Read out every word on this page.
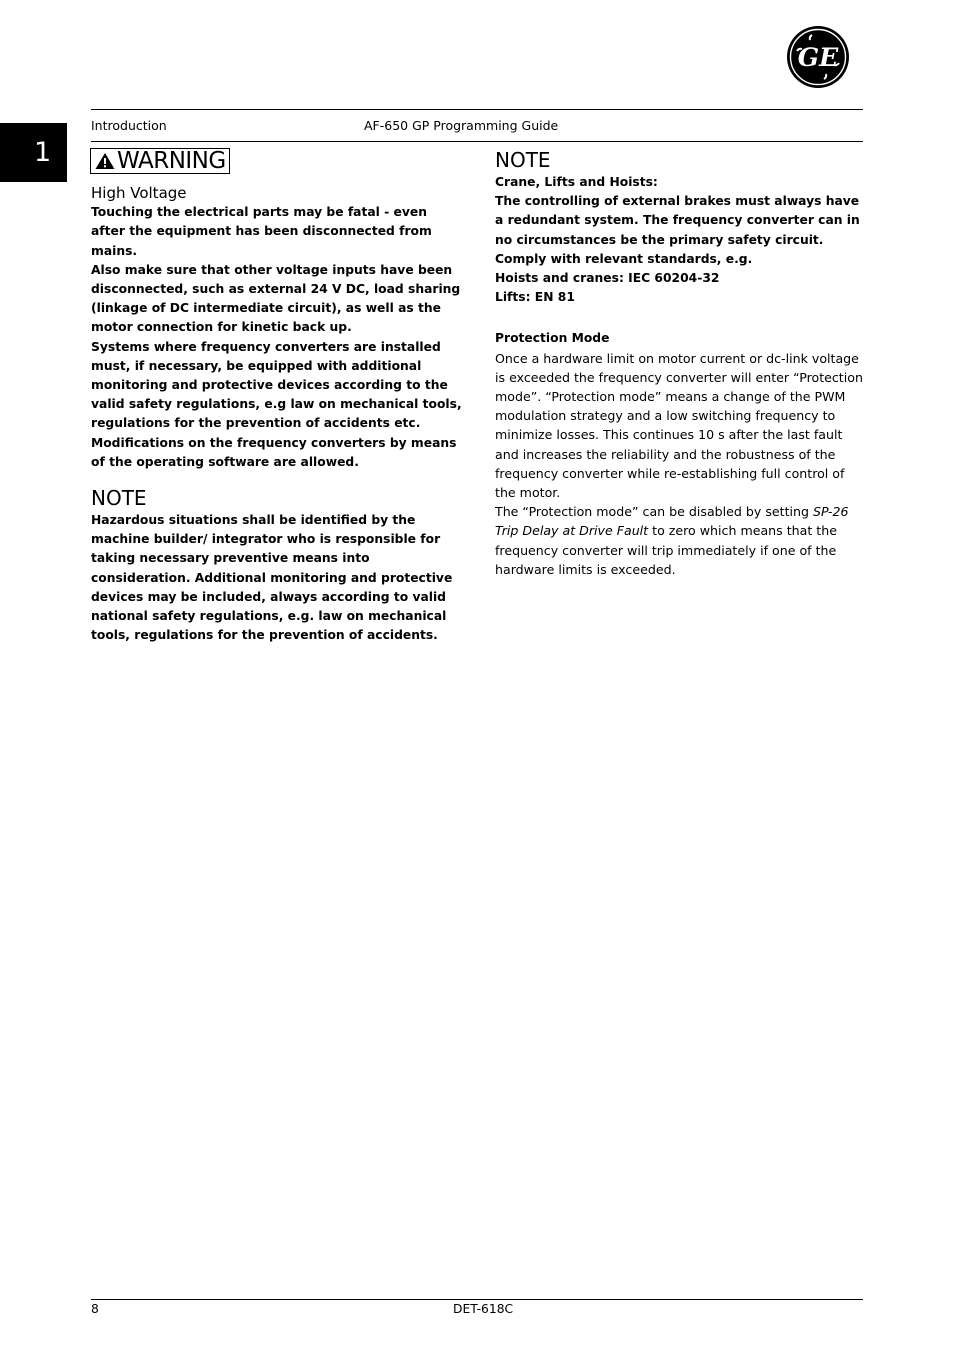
GE
1
Introduction	AF-650 GP Programming Guide
WARNING

High Voltage

Touching the electrical parts may be fatal - even after the equipment has been disconnected from mains.

Also make sure that other voltage inputs have been disconnected, such as external 24 V DC, load sharing (linkage of DC intermediate circuit), as well as the motor connection for kinetic back up.

Systems where frequency converters are installed must, if necessary, be equipped with additional monitoring and protective devices according to the valid safety regulations, e.g law on mechanical tools, regulations for the prevention of accidents etc. Modifications on the frequency converters by means of the operating software are allowed.

NOTE

Hazardous situations shall be identified by the machine builder/ integrator who is responsible for taking necessary preventive means into consideration. Additional monitoring and protective devices may be included, always according to valid national safety regulations, e.g. law on mechanical tools, regulations for the prevention of accidents.

NOTE

Crane, Lifts and Hoists:

The controlling of external brakes must always have a redundant system. The frequency converter can in no circumstances be the primary safety circuit. Comply with relevant standards, e.g.

Hoists and cranes: IEC 60204-32

Lifts: EN 81

Protection Mode

Once a hardware limit on motor current or dc-link voltage is exceeded the frequency converter will enter “Protection mode”. “Protection mode” means a change of the PWM modulation strategy and a low switching frequency to minimize losses. This continues 10 s after the last fault and increases the reliability and the robustness of the frequency converter while re-establishing full control of the motor.

The “Protection mode” can be disabled by setting SP-26 Trip Delay at Drive Fault to zero which means that the frequency converter will trip immediately if one of the hardware limits is exceeded.

8	DET-618C
